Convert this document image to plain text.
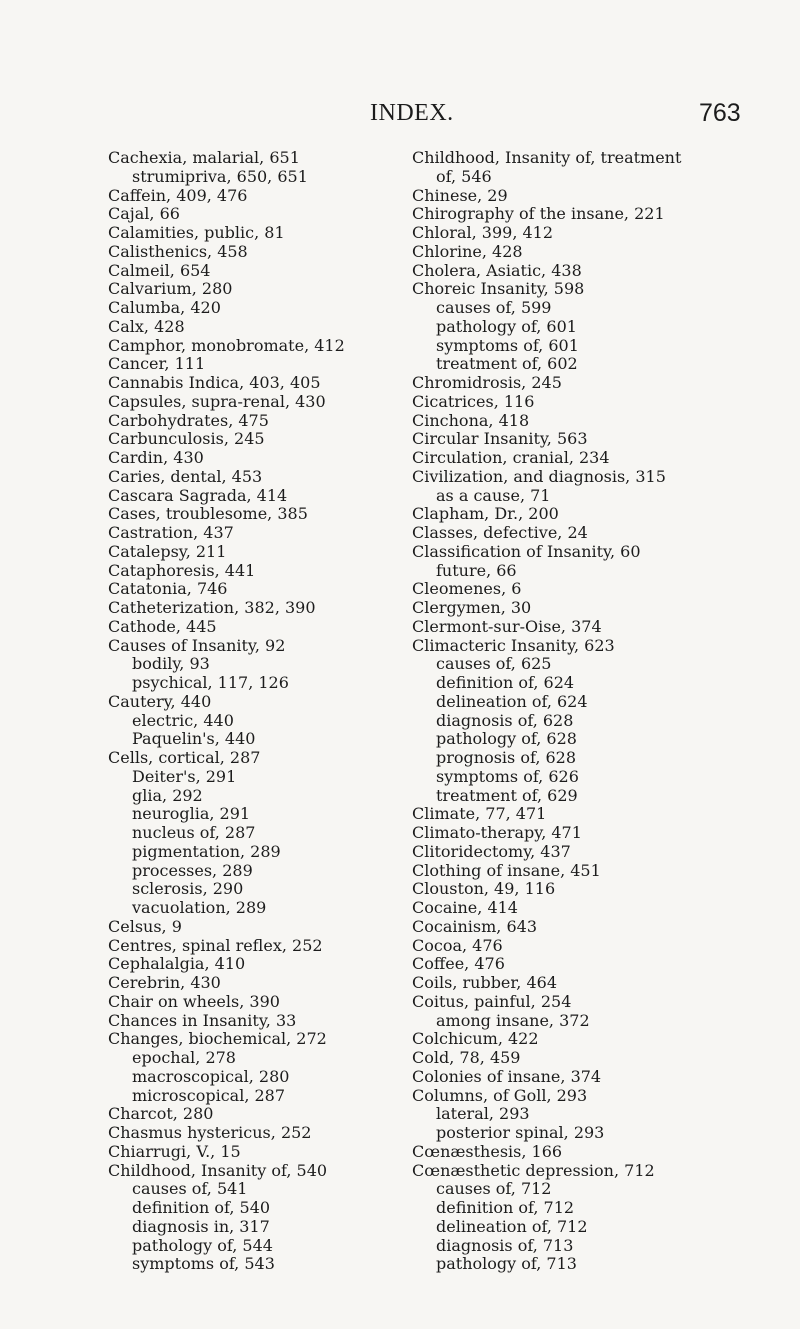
INDEX.	763
Cachexia, malarial, 651
strumipriva, 650, 651
Caffein, 409, 476
Cajal, 66
Calamities, public, 81
Calisthenics, 458
Calmeil, 654
Calvarium, 280
Calumba, 420
Calx, 428
Camphor, monobromate, 412
Cancer, 111
Cannabis Indica, 403, 405
Capsules, supra-renal, 430
Carbohydrates, 475
Carbunculosis, 245
Cardin, 430
Caries, dental, 453
Cascara Sagrada, 414
Cases, troublesome, 385
Castration, 437
Catalepsy, 211
Cataphoresis, 441
Catatonia, 746
Catheterization, 382, 390
Cathode, 445
Causes of Insanity, 92
bodily, 93
psychical, 117, 126
Cautery, 440
electric, 440
Paquelin's, 440
Cells, cortical, 287
Deiter's, 291
glia, 292
neuroglia, 291
nucleus of, 287
pigmentation, 289
processes, 289
sclerosis, 290
vacuolation, 289
Celsus, 9
Centres, spinal reflex, 252
Cephalalgia, 410
Cerebrin, 430
Chair on wheels, 390
Chances in Insanity, 33
Changes, biochemical, 272
epochal, 278
macroscopical, 280
microscopical, 287
Charcot, 280
Chasmus hystericus, 252
Chiarrugi, V., 15
Childhood, Insanity of, 540
causes of, 541
definition of, 540
diagnosis in, 317
pathology of, 544
symptoms of, 543
Childhood, Insanity of, treatment
of, 546
Chinese, 29
Chirography of the insane, 221
Chloral, 399, 412
Chlorine, 428
Cholera, Asiatic, 438
Choreic Insanity, 598
causes of, 599
pathology of, 601
symptoms of, 601
treatment of, 602
Chromidrosis, 245
Cicatrices, 116
Cinchona, 418
Circular Insanity, 563
Circulation, cranial, 234
Civilization, and diagnosis, 315
as a cause, 71
Clapham, Dr., 200
Classes, defective, 24
Classification of Insanity, 60
future, 66
Cleomenes, 6
Clergymen, 30
Clermont-sur-Oise, 374
Climacteric Insanity, 623
causes of, 625
definition of, 624
delineation of, 624
diagnosis of, 628
pathology of, 628
prognosis of, 628
symptoms of, 626
treatment of, 629
Climate, 77, 471
Climato-therapy, 471
Clitoridectomy, 437
Clothing of insane, 451
Clouston, 49, 116
Cocaine, 414
Cocainism, 643
Cocoa, 476
Coffee, 476
Coils, rubber, 464
Coitus, painful, 254
among insane, 372
Colchicum, 422
Cold, 78, 459
Colonies of insane, 374
Columns, of Goll, 293
lateral, 293
posterior spinal, 293
Cœnæsthesis, 166
Cœnæsthetic depression, 712
causes of, 712
definition of, 712
delineation of, 712
diagnosis of, 713
pathology of, 713
